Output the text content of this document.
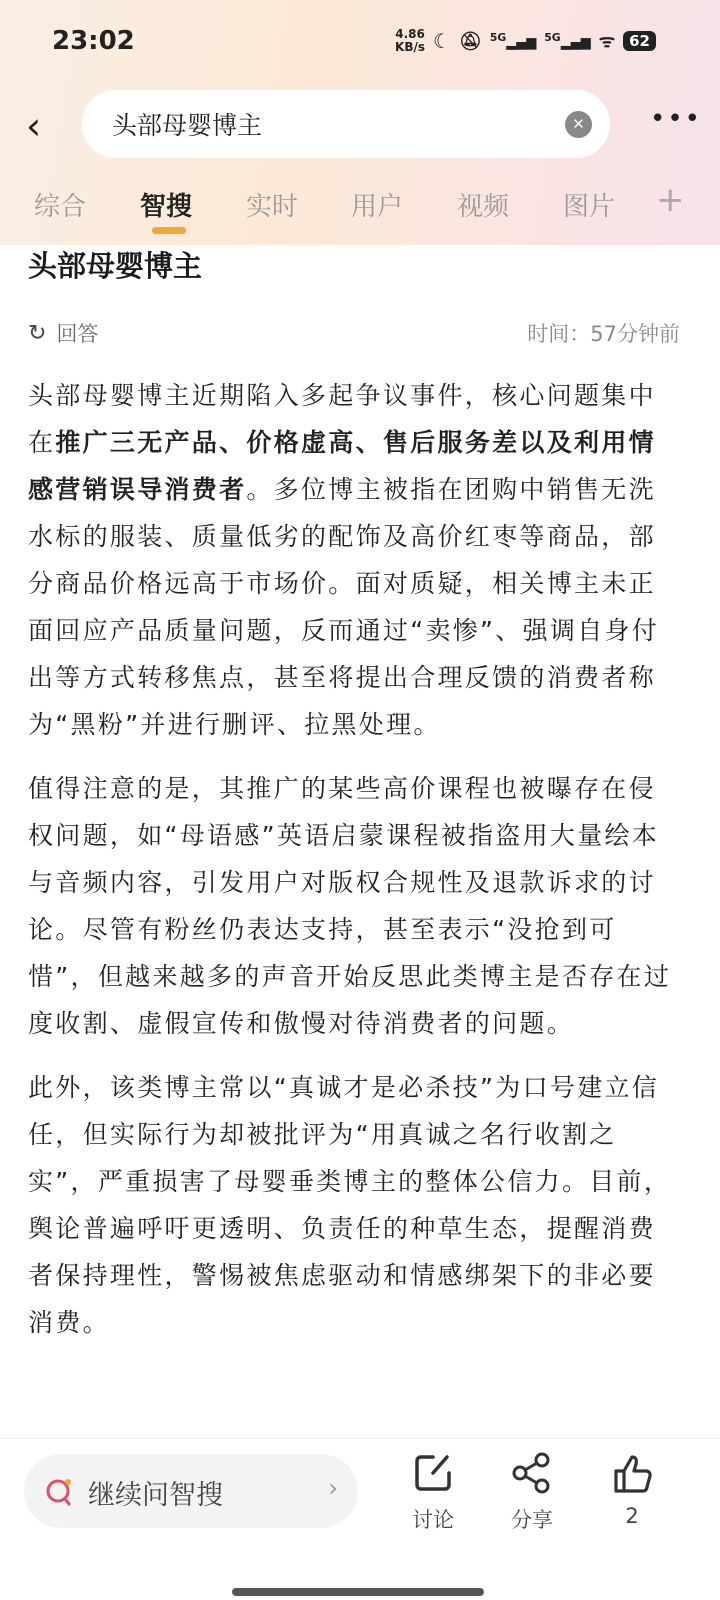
23:02	4.86
KB/s ☾ 🔕︎ $^{5G}$▂▄▆ $^{5G}$▂▄▆ ᯤ 62
‹	头部母婴博主	✕	•••
综合 智搜 实时 用户 视频 图片 +
头部母婴博主
↻ 回答	时间：57分钟前

头部母婴博主近期陷入多起争议事件，核心问题集中
在推广三无产品、价格虚高、售后服务差以及利用情
感营销误导消费者。多位博主被指在团购中销售无洗
水标的服装、质量低劣的配饰及高价红枣等商品，部
分商品价格远高于市场价。面对质疑，相关博主未正
面回应产品质量问题，反而通过“卖惨”、强调自身付
出等方式转移焦点，甚至将提出合理反馈的消费者称
为“黑粉”并进行删评、拉黑处理。

值得注意的是，其推广的某些高价课程也被曝存在侵
权问题，如“母语感”英语启蒙课程被指盗用大量绘本
与音频内容，引发用户对版权合规性及退款诉求的讨
论。尽管有粉丝仍表达支持，甚至表示“没抢到可
惜”，但越来越多的声音开始反思此类博主是否存在过
度收割、虚假宣传和傲慢对待消费者的问题。

此外，该类博主常以“真诚才是必杀技”为口号建立信
任，但实际行为却被批评为“用真诚之名行收割之
实”，严重损害了母婴垂类博主的整体公信力。目前，
舆论普遍呼吁更透明、负责任的种草生态，提醒消费
者保持理性，警惕被焦虑驱动和情感绑架下的非必要
消费。

继续问智搜	›
讨论	分享	2
